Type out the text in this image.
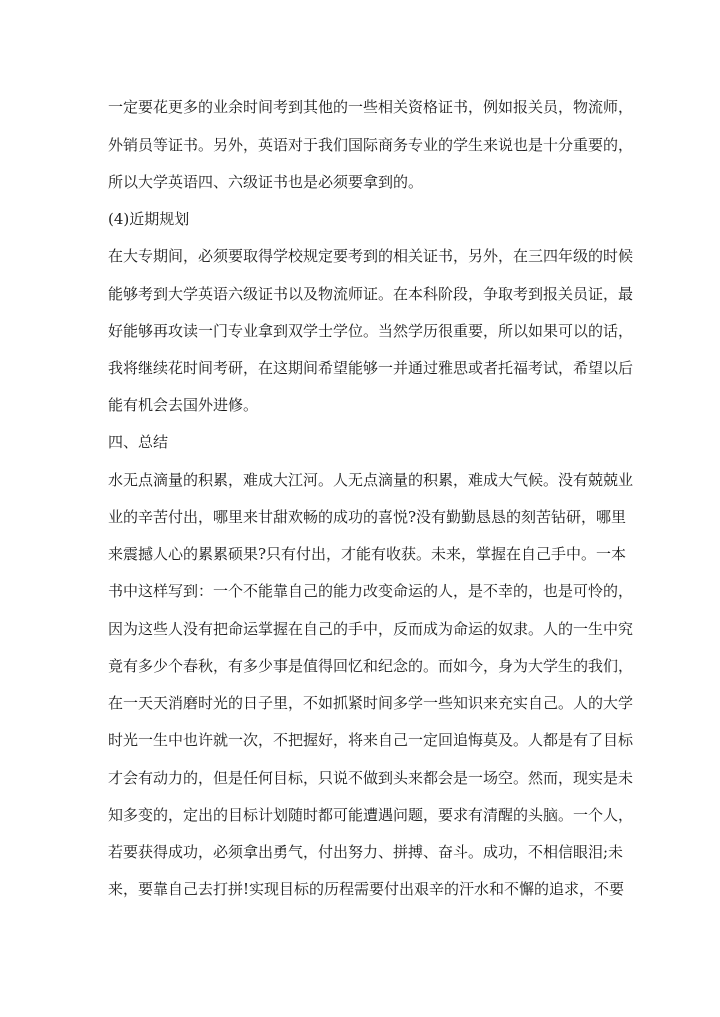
一定要花更多的业余时间考到其他的一些相关资格证书，例如报关员，物流师，
外销员等证书。另外，英语对于我们国际商务专业的学生来说也是十分重要的，
所以大学英语四、六级证书也是必须要拿到的。
(4)近期规划
在大专期间，必须要取得学校规定要考到的相关证书，另外，在三四年级的时候
能够考到大学英语六级证书以及物流师证。在本科阶段，争取考到报关员证，最
好能够再攻读一门专业拿到双学士学位。当然学历很重要，所以如果可以的话，
我将继续花时间考研，在这期间希望能够一并通过雅思或者托福考试，希望以后
能有机会去国外进修。
四、总结
水无点滴量的积累，难成大江河。人无点滴量的积累，难成大气候。没有兢兢业
业的辛苦付出，哪里来甘甜欢畅的成功的喜悦?没有勤勤恳恳的刻苦钻研，哪里
来震撼人心的累累硕果?只有付出，才能有收获。未来，掌握在自己手中。一本
书中这样写到：一个不能靠自己的能力改变命运的人，是不幸的，也是可怜的，
因为这些人没有把命运掌握在自己的手中，反而成为命运的奴隶。人的一生中究
竟有多少个春秋，有多少事是值得回忆和纪念的。而如今，身为大学生的我们，
在一天天消磨时光的日子里，不如抓紧时间多学一些知识来充实自己。人的大学
时光一生中也许就一次，不把握好，将来自己一定回追悔莫及。人都是有了目标
才会有动力的，但是任何目标，只说不做到头来都会是一场空。然而，现实是未
知多变的，定出的目标计划随时都可能遭遇问题，要求有清醒的头脑。一个人，
若要获得成功，必须拿出勇气，付出努力、拼搏、奋斗。成功，不相信眼泪;未
来，要靠自己去打拼!实现目标的历程需要付出艰辛的汗水和不懈的追求，不要
